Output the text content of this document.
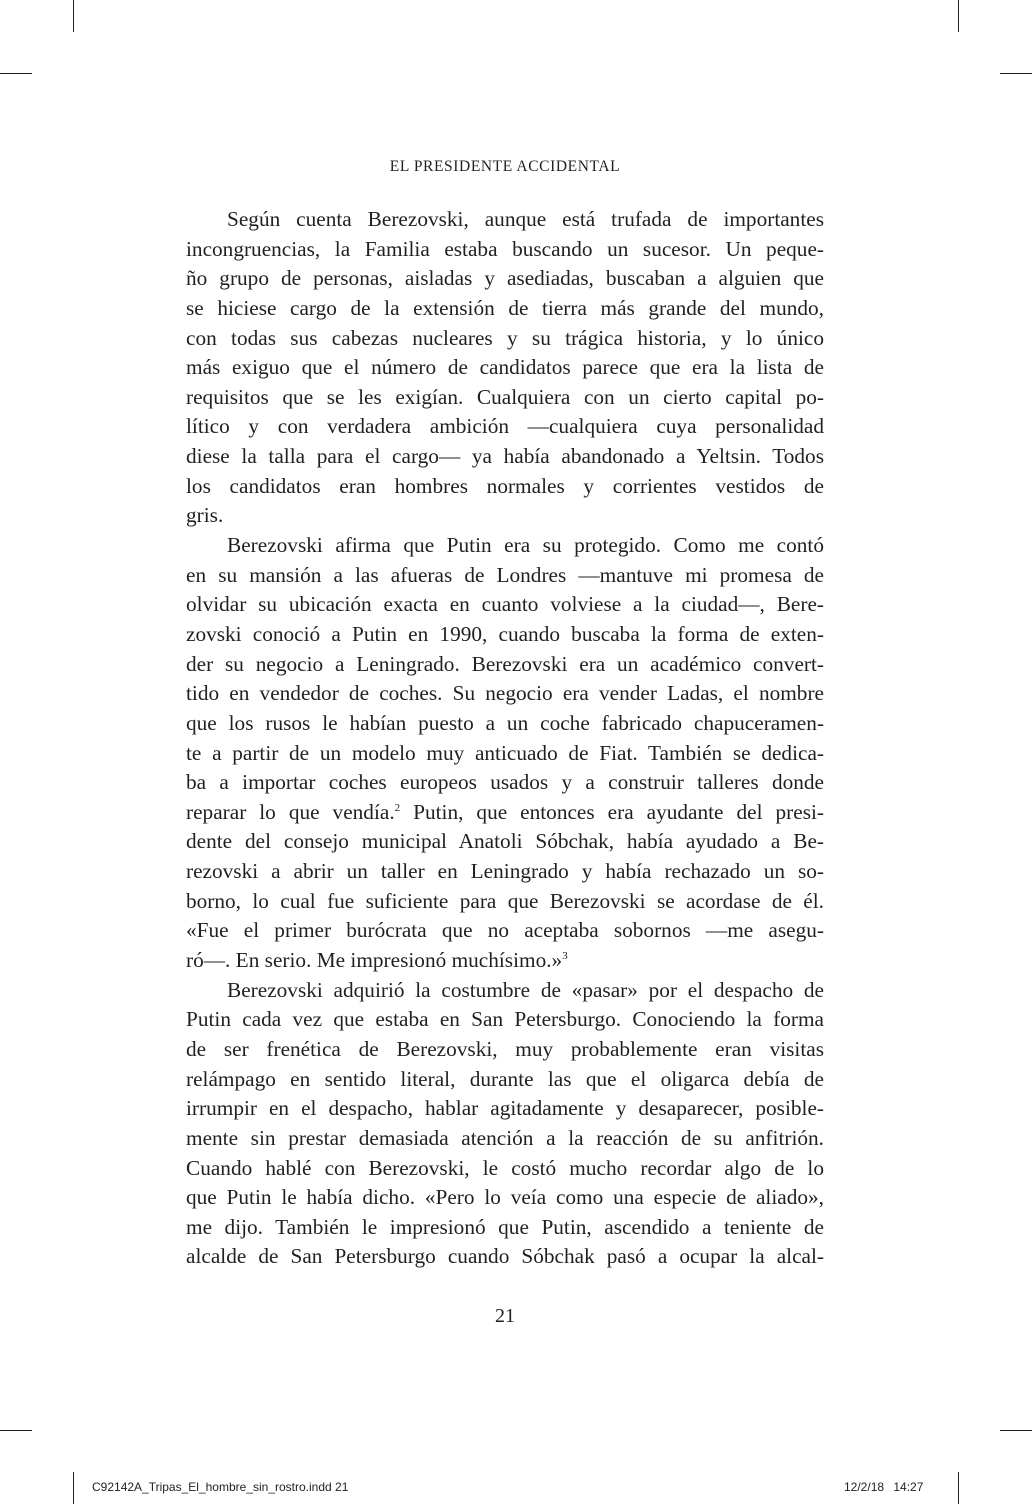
EL PRESIDENTE ACCIDENTAL

Según cuenta Berezovski, aunque está trufada de importantes
incongruencias, la Familia estaba buscando un sucesor. Un peque-
ño grupo de personas, aisladas y asediadas, buscaban a alguien que
se hiciese cargo de la extensión de tierra más grande del mundo,
con todas sus cabezas nucleares y su trágica historia, y lo único
más exiguo que el número de candidatos parece que era la lista de
requisitos que se les exigían. Cualquiera con un cierto capital po-
lítico y con verdadera ambición —cualquiera cuya personalidad
diese la talla para el cargo— ya había abandonado a Yeltsin. Todos
los candidatos eran hombres normales y corrientes vestidos de
gris.

Berezovski afirma que Putin era su protegido. Como me contó
en su mansión a las afueras de Londres —mantuve mi promesa de
olvidar su ubicación exacta en cuanto volviese a la ciudad—, Bere-
zovski conoció a Putin en 1990, cuando buscaba la forma de exten-
der su negocio a Leningrado. Berezovski era un académico convert-
tido en vendedor de coches. Su negocio era vender Ladas, el nombre
que los rusos le habían puesto a un coche fabricado chapuceramen-
te a partir de un modelo muy anticuado de Fiat. También se dedica-
ba a importar coches europeos usados y a construir talleres donde
reparar lo que vendía.$^2$ Putin, que entonces era ayudante del presi-
dente del consejo municipal Anatoli Sóbchak, había ayudado a Be-
rezovski a abrir un taller en Leningrado y había rechazado un so-
borno, lo cual fue suficiente para que Berezovski se acordase de él.
«Fue el primer burócrata que no aceptaba sobornos —me asegu-
ró—. En serio. Me impresionó muchísimo.»$^3$

Berezovski adquirió la costumbre de «pasar» por el despacho de
Putin cada vez que estaba en San Petersburgo. Conociendo la forma
de ser frenética de Berezovski, muy probablemente eran visitas
relámpago en sentido literal, durante las que el oligarca debía de
irrumpir en el despacho, hablar agitadamente y desaparecer, posible-
mente sin prestar demasiada atención a la reacción de su anfitrión.
Cuando hablé con Berezovski, le costó mucho recordar algo de lo
que Putin le había dicho. «Pero lo veía como una especie de aliado»,
me dijo. También le impresionó que Putin, ascendido a teniente de
alcalde de San Petersburgo cuando Sóbchak pasó a ocupar la alcal-

21
C92142A_Tripas_El_hombre_sin_rostro.indd 21	12/2/18 14:27
